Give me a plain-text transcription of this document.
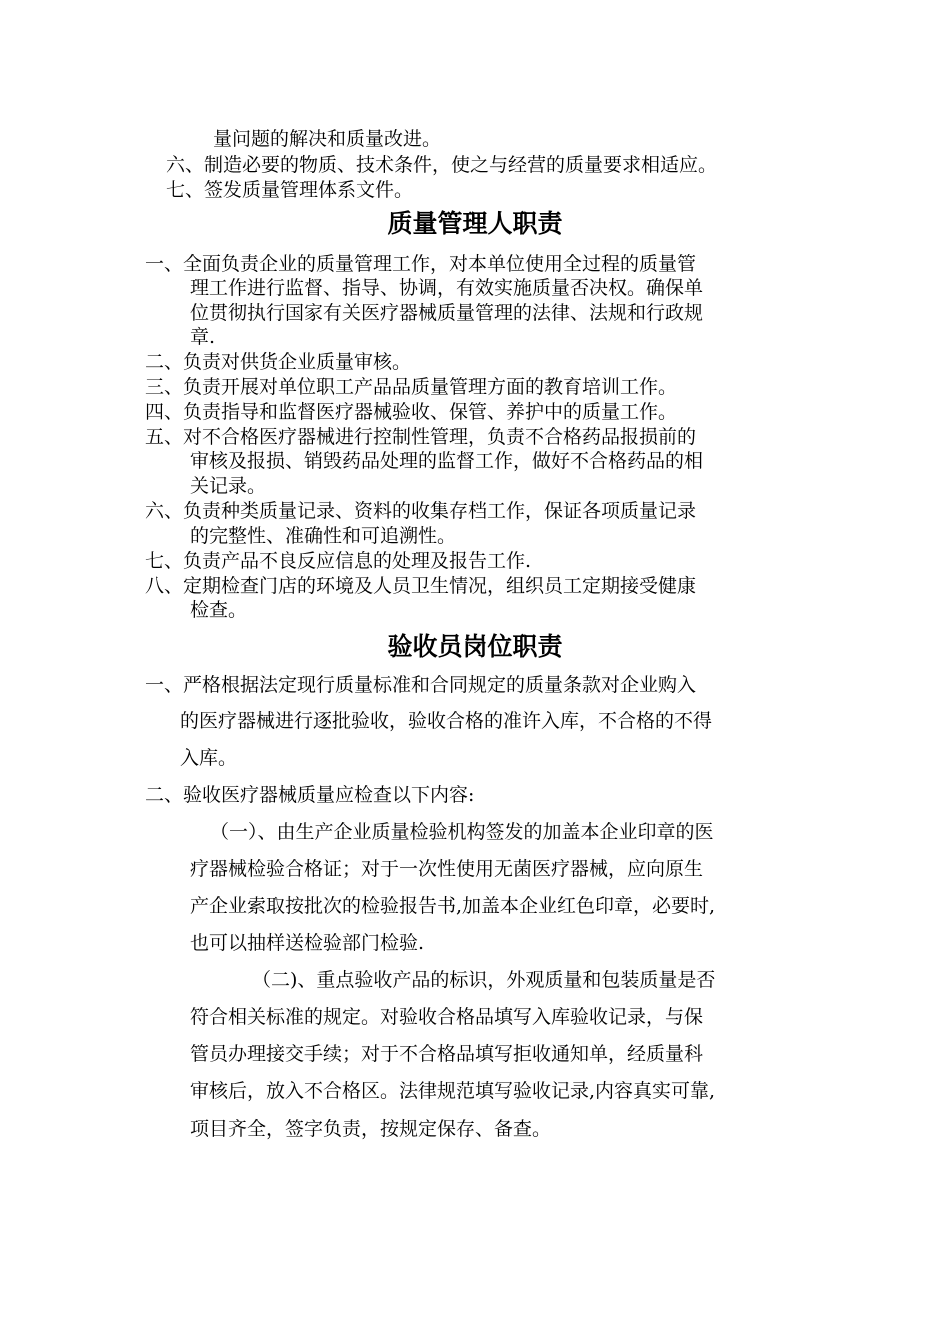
量问题的解决和质量改进。

六、制造必要的物质、技术条件，使之与经营的质量要求相适应。

七、签发质量管理体系文件。

质量管理人职责

一、全面负责企业的质量管理工作，对本单位使用全过程的质量管

理工作进行监督、指导、协调，有效实施质量否决权。确保单

位贯彻执行国家有关医疗器械质量管理的法律、法规和行政规

章.

二、负责对供货企业质量审核。

三、负责开展对单位职工产品品质量管理方面的教育培训工作。

四、负责指导和监督医疗器械验收、保管、养护中的质量工作。

五、对不合格医疗器械进行控制性管理，负责不合格药品报损前的

审核及报损、销毁药品处理的监督工作，做好不合格药品的相

关记录。

六、负责种类质量记录、资料的收集存档工作，保证各项质量记录

的完整性、准确性和可追溯性。

七、负责产品不良反应信息的处理及报告工作.

八、定期检查门店的环境及人员卫生情况，组织员工定期接受健康

检查。

验收员岗位职责

一、严格根据法定现行质量标准和合同规定的质量条款对企业购入

的医疗器械进行逐批验收，验收合格的准许入库，不合格的不得

入库。

二、验收医疗器械质量应检查以下内容:

（一）、由生产企业质量检验机构签发的加盖本企业印章的医

疗器械检验合格证；对于一次性使用无菌医疗器械，应向原生

产企业索取按批次的检验报告书,加盖本企业红色印章，必要时,

也可以抽样送检验部门检验.

（二)、重点验收产品的标识，外观质量和包装质量是否

符合相关标准的规定。对验收合格品填写入库验收记录，与保

管员办理接交手续；对于不合格品填写拒收通知单，经质量科

审核后，放入不合格区。法律规范填写验收记录,内容真实可靠,

项目齐全，签字负责，按规定保存、备查。
